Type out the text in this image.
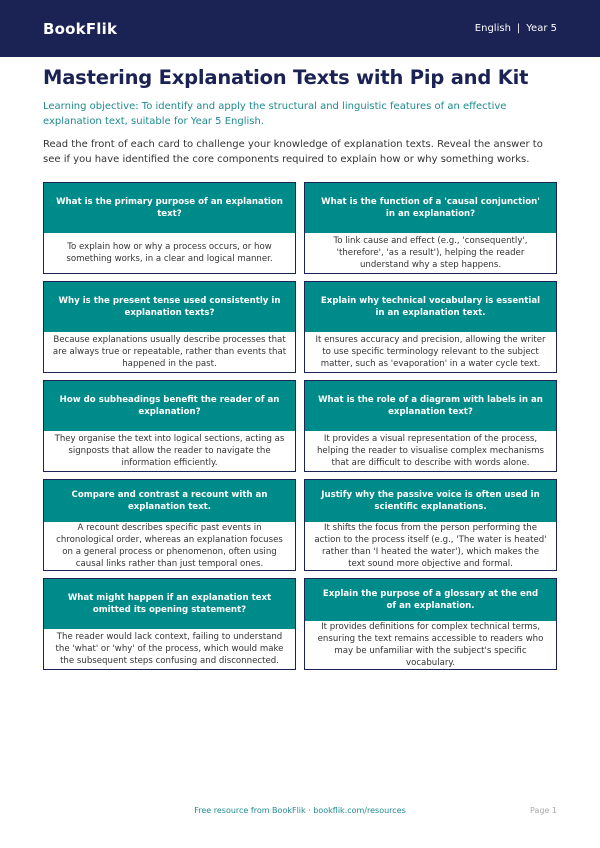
BookFlik	English | Year 5
Mastering Explanation Texts with Pip and Kit

Learning objective: To identify and apply the structural and linguistic features of an effective explanation text, suitable for Year 5 English.

Read the front of each card to challenge your knowledge of explanation texts. Reveal the answer to see if you have identified the core components required to explain how or why something works.

What is the primary purpose of an explanation text?
To explain how or why a process occurs, or how something works, in a clear and logical manner.
What is the function of a 'causal conjunction' in an explanation?
To link cause and effect (e.g., 'consequently', 'therefore', 'as a result'), helping the reader understand why a step happens.
Why is the present tense used consistently in explanation texts?
Because explanations usually describe processes that are always true or repeatable, rather than events that happened in the past.
Explain why technical vocabulary is essential in an explanation text.
It ensures accuracy and precision, allowing the writer to use specific terminology relevant to the subject matter, such as 'evaporation' in a water cycle text.
How do subheadings benefit the reader of an explanation?
They organise the text into logical sections, acting as signposts that allow the reader to navigate the information efficiently.
What is the role of a diagram with labels in an explanation text?
It provides a visual representation of the process, helping the reader to visualise complex mechanisms that are difficult to describe with words alone.
Compare and contrast a recount with an explanation text.
A recount describes specific past events in chronological order, whereas an explanation focuses on a general process or phenomenon, often using causal links rather than just temporal ones.
Justify why the passive voice is often used in scientific explanations.
It shifts the focus from the person performing the action to the process itself (e.g., 'The water is heated' rather than 'I heated the water'), which makes the text sound more objective and formal.
What might happen if an explanation text omitted its opening statement?
The reader would lack context, failing to understand the 'what' or 'why' of the process, which would make the subsequent steps confusing and disconnected.
Explain the purpose of a glossary at the end of an explanation.
It provides definitions for complex technical terms, ensuring the text remains accessible to readers who may be unfamiliar with the subject's specific vocabulary.
Free resource from BookFlik · bookflik.com/resources	Page 1
